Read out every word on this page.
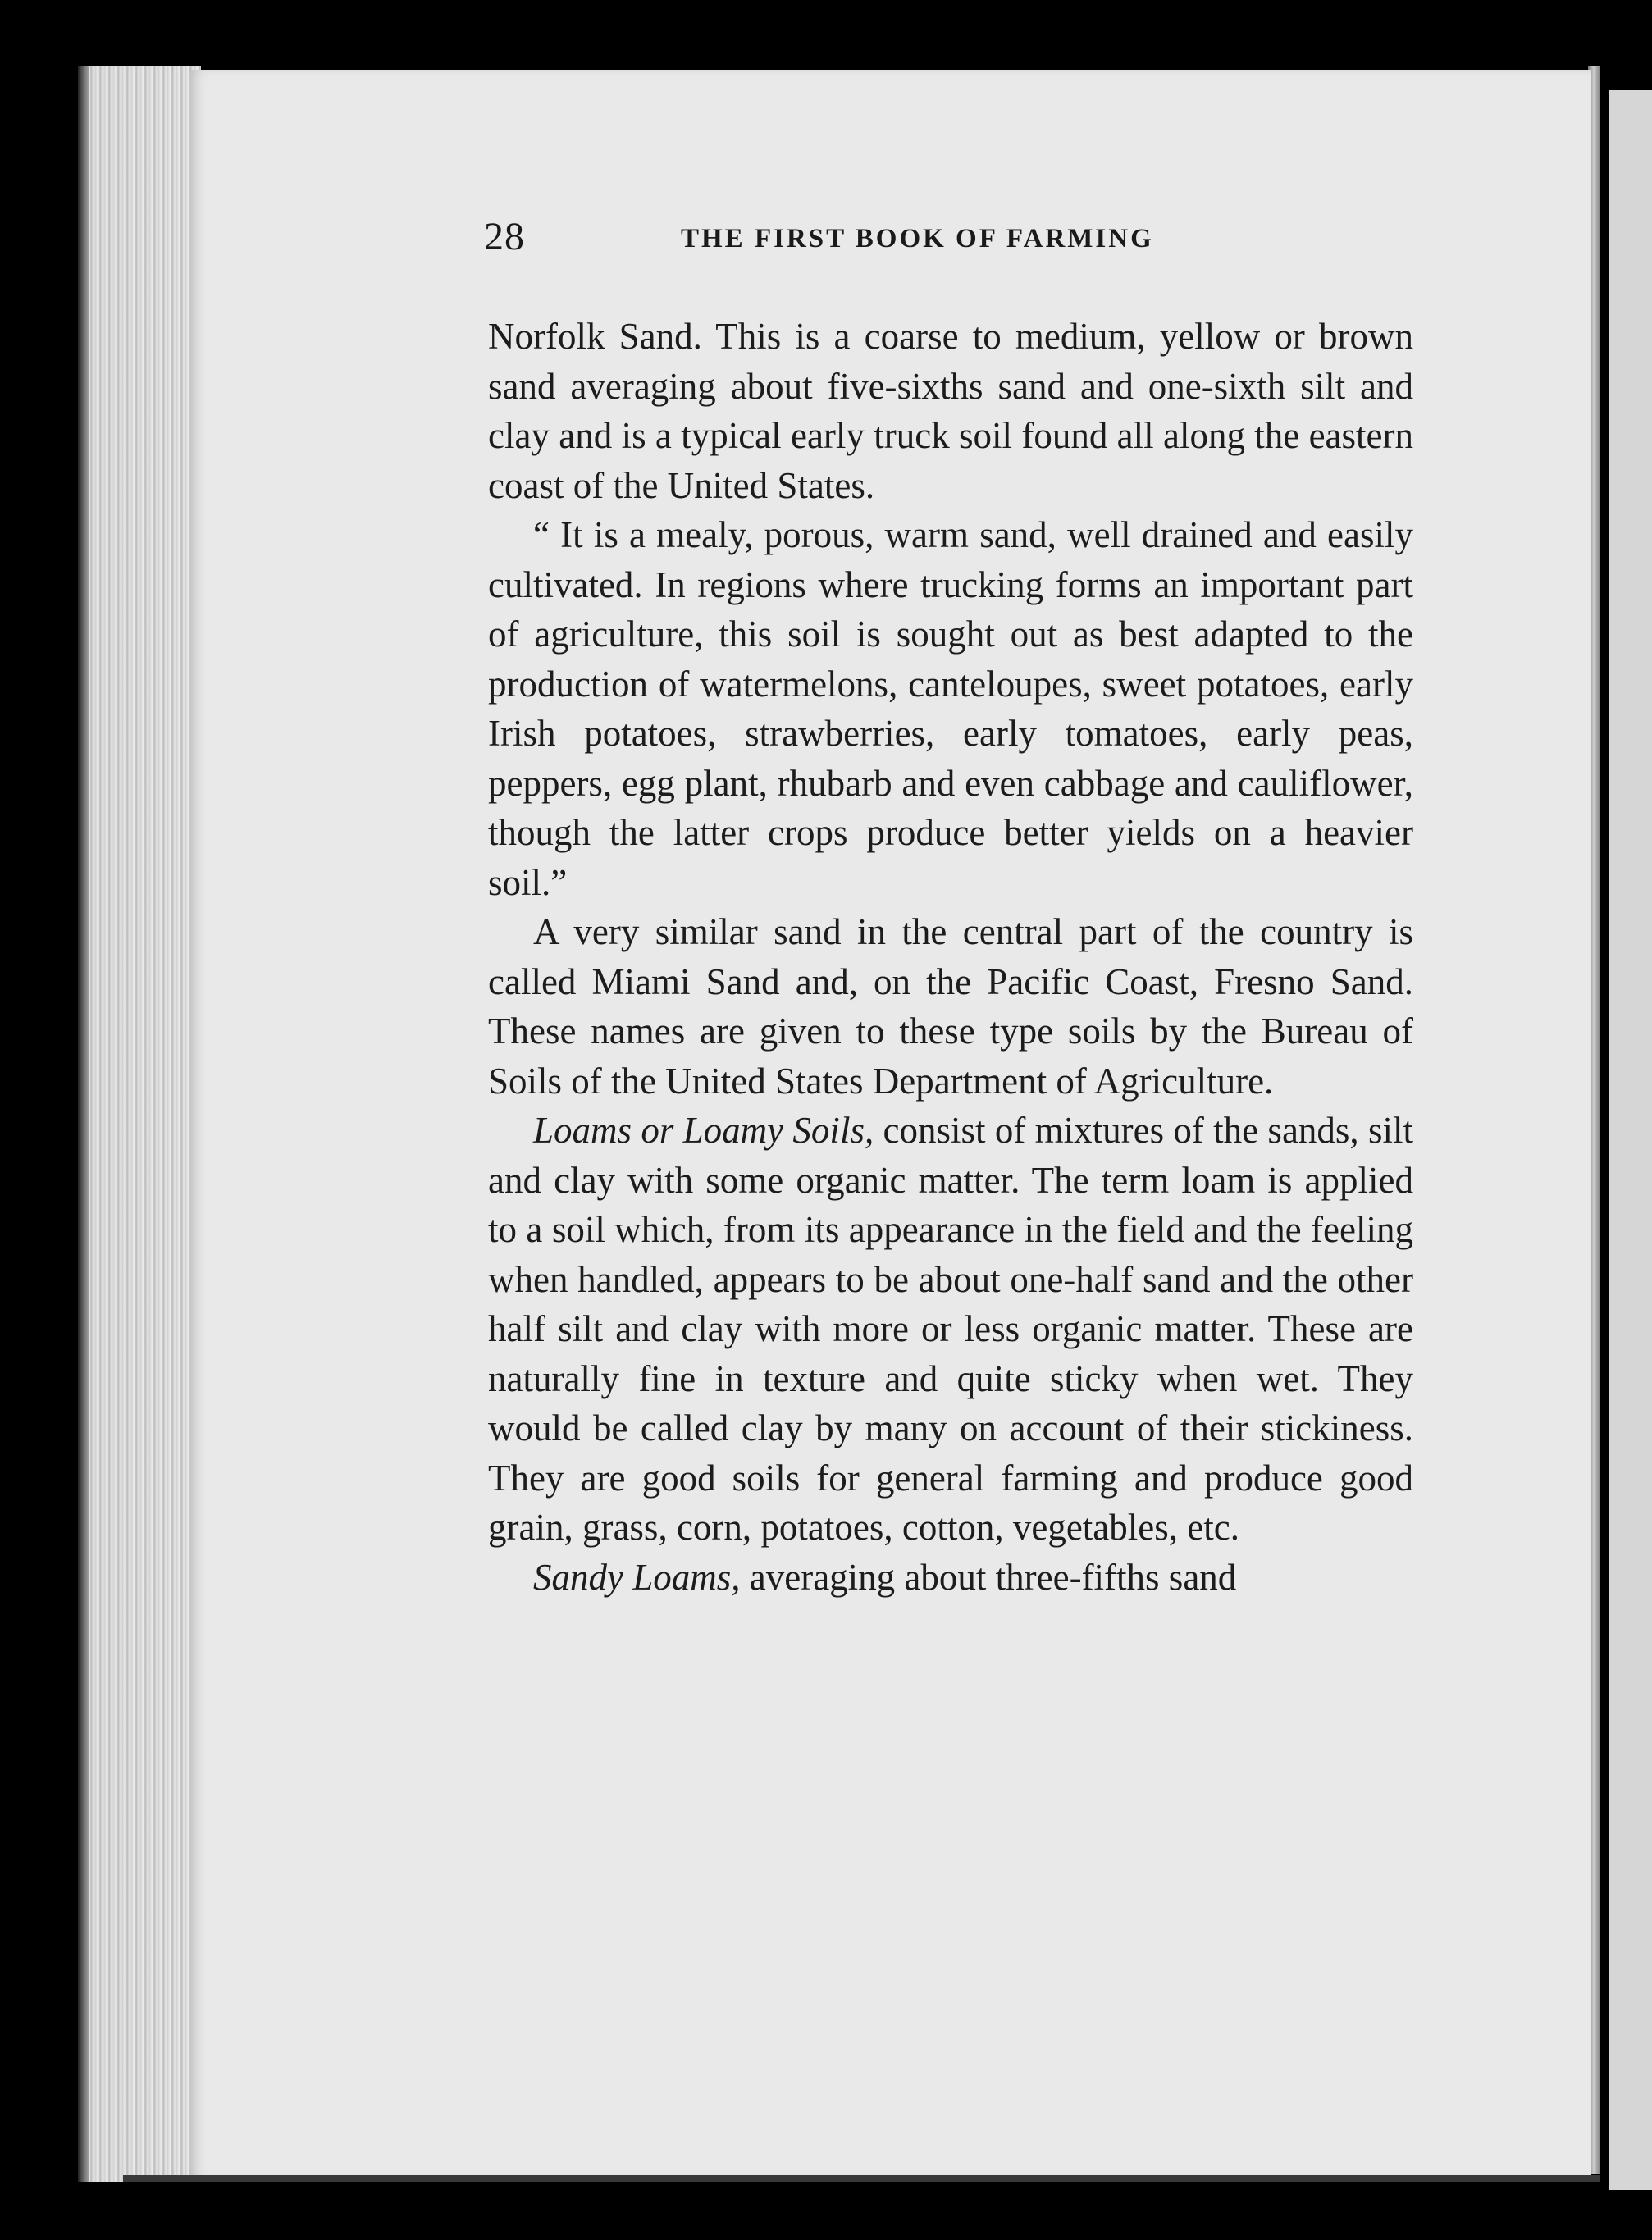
28	THE FIRST BOOK OF FARMING

Norfolk Sand. This is a coarse to medium, yellow or brown sand averaging about five-sixths sand and one-sixth silt and clay and is a typical early truck soil found all along the eastern coast of the United States.

“ It is a mealy, porous, warm sand, well drained and easily cultivated. In regions where trucking forms an important part of agriculture, this soil is sought out as best adapted to the production of watermelons, canteloupes, sweet potatoes, early Irish potatoes, strawberries, early tomatoes, early peas, peppers, egg plant, rhubarb and even cabbage and cauliflower, though the latter crops produce better yields on a heavier soil.”

A very similar sand in the central part of the country is called Miami Sand and, on the Pacific Coast, Fresno Sand. These names are given to these type soils by the Bureau of Soils of the United States Department of Agriculture.

Loams or Loamy Soils, consist of mixtures of the sands, silt and clay with some organic matter. The term loam is applied to a soil which, from its appearance in the field and the feeling when handled, appears to be about one-half sand and the other half silt and clay with more or less organic matter. These are naturally fine in texture and quite sticky when wet. They would be called clay by many on account of their stickiness. They are good soils for general farming and produce good grain, grass, corn, potatoes, cotton, vegetables, etc.

Sandy Loams, averaging about three-fifths sand
